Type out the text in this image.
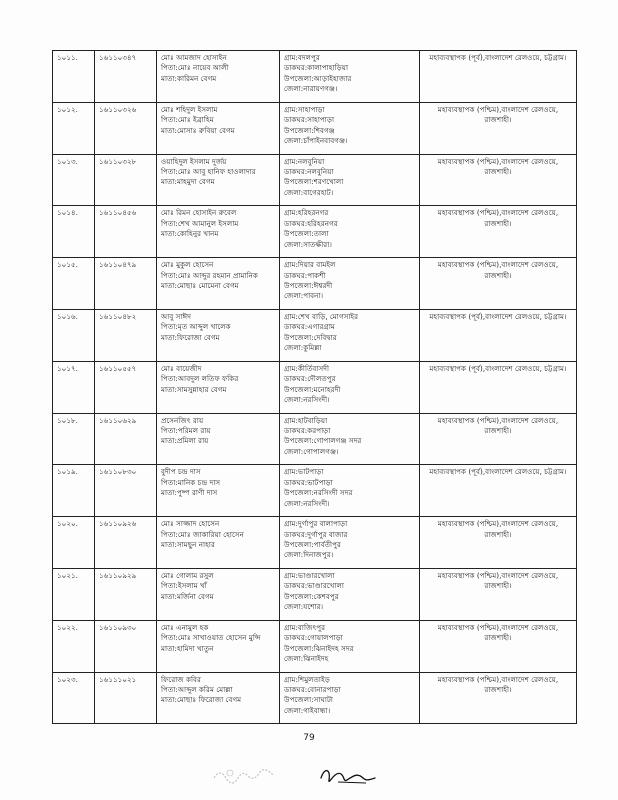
১০১১.	১৬১১০৩৪৭	মোঃ আমজাদ হোসাইন
পিতা:মোঃ নায়েব আলী
মাতা:কারিমন বেগম	গ্রাম:বদলপুর
ডাকঘর:কালাপাহাড়িয়া
উপজেলা:আড়াইহাজার
জেলা:নারায়ণগঞ্জ।	মহাব্যবস্থাপক (পূর্ব),বাংলাদেশ রেলওয়ে, চট্টগ্রাম।

১০১২.	১৬১১০৩২৬	মোঃ শহিদুল ইসলাম
পিতা:মোঃ ইব্রাহিম
মাতা:মোসাঃ রুবিয়া বেগম	গ্রাম:সাহাপাড়া
ডাকঘর:সাহাপাড়া
উপজেলা:শিবগঞ্জ
জেলা:চাঁপাইনবাবগঞ্জ।	মহাব্যবস্থাপক (পশ্চিম),বাংলাদেশ রেলওয়ে, রাজশাহী।

১০১৩.	১৬১১০৩২৮	ওয়াহিদুল ইসলাম দুর্জয়
পিতা:মোঃ আবু হানিফ হাওলাদার
মাতা:মাহমুদা বেগম	গ্রাম:নলবুনিয়া
ডাকঘর:নলবুনিয়া
উপজেলা:শরণখোলা
জেলা:বাগেরহাট।	মহাব্যবস্থাপক (পশ্চিম),বাংলাদেশ রেলওয়ে, রাজশাহী।

১০১৪.	১৬১১০৪৫৬	মোঃ রিমন হোসাইন রুবেল
পিতা:শেখ আমানুল ইসলাম
মাতা:কোহিনুর খানম	গ্রাম:হরিহরনগর
ডাকঘর:হরিহরনগর
উপজেলা:তালা
জেলা:সাতক্ষীরা।	মহাব্যবস্থাপক (পশ্চিম),বাংলাদেশ রেলওয়ে, রাজশাহী।

১০১৫.	১৬১১০৪৭৯	মোঃ মুকুল হোসেন
পিতা:মোঃ আব্দুর রহমান প্রামানিক
মাতা:মোছাঃ মোমেনা বেগম	গ্রাম:দিয়ার বামইল
ডাকঘর:পাকশী
উপজেলা:ঈশ্বরদী
জেলা:পাবনা।	মহাব্যবস্থাপক (পশ্চিম),বাংলাদেশ রেলওয়ে, রাজশাহী।

১০১৬.	১৬১১০৪৮২	আবু সাঈদ
পিতা:মৃত আব্দুল খালেক
মাতা:ফিরোজা বেগম	গ্রাম:শেখ বাড়ি, মোগসাইর
ডাকঘর:এগারগ্রাম
উপজেলা:দেবিদ্বার
জেলা:কুমিল্লা	মহাব্যবস্থাপক (পূর্ব),বাংলাদেশ রেলওয়ে, চট্টগ্রাম।

১০১৭.	১৬১১০৫৫৭	মোঃ বায়েজীদ
পিতা:আবদুল লতিফ ফকির
মাতা:সামসুন্নাহার বেগম	গ্রাম:কীর্তিবাসদী
ডাকঘর:দৌলতপুর
উপজেলা:মনোহরদী
জেলা:নরসিংদী।	মহাব্যবস্থাপক (পূর্ব),বাংলাদেশ রেলওয়ে, চট্টগ্রাম।

১০১৮.	১৬১১০৬২৯	প্রসেনজিৎ রায়
পিতা:পরিমল রায়
মাতা:প্রমিলা রায়	গ্রাম:হাটবাড়িয়া
ডাকঘর:করপাড়া
উপজেলা:গোপালগঞ্জ সদর
জেলা:গোপালগঞ্জ।	মহাব্যবস্থাপক (পশ্চিম),বাংলাদেশ রেলওয়ে, রাজশাহী।

১০১৯.	১৬১১০৮৩০	বুদীপ চন্দ্র দাস
পিতা:মানিক চন্দ্র দাস
মাতা:পুষ্প রাণী দাস	গ্রাম:ভাটপাড়া
ডাকঘর:ভাটপাড়া
উপজেলা:নরসিংদী সদর
জেলা:নরসিংদী।	মহাব্যবস্থাপক (পূর্ব),বাংলাদেশ রেলওয়ে, চট্টগ্রাম।

১০২০.	১৬১১০৯২৬	মোঃ সাজ্জাদ হোসেন
পিতা:মোঃ জাকারিয়া হোসেন
মাতা:সামছুন নাহার	গ্রাম:দুর্গাপুর বালাপাড়া
ডাকঘর:দুর্গাপুর বাজার
উপজেলা:পার্বতীপুর
জেলা:দিনাজপুর।	মহাব্যবস্থাপক (পশ্চিম),বাংলাদেশ রেলওয়ে, রাজশাহী।

১০২১.	১৬১১০৯২৯	মোঃ গোলাম রসুল
পিতা:ইসলাম খাঁ
মাতা:মর্জিনা বেগম	গ্রাম:ভাণ্ডারখোলা
ডাকঘর:ভাণ্ডারখোলা
উপজেলা:কেশবপুর
জেলা:যশোর।	মহাব্যবস্থাপক (পশ্চিম),বাংলাদেশ রেলওয়ে, রাজশাহী।

১০২২.	১৬১১০৯৩০	মোঃ এনামুল হক
পিতা:মোঃ সাখাওয়াত হোসেন মুন্সি
মাতা:হামিদা খাতুন	গ্রাম:বাজিৎপুর
ডাকঘর:গোয়ালপাড়া
উপজেলা:ঝিনাইদহ সদর
জেলা:ঝিনাইদহ	মহাব্যবস্থাপক (পশ্চিম),বাংলাদেশ রেলওয়ে, রাজশাহী।

১০২৩.	১৬১১১০২১	ফিরোজ কবির
পিতা:আব্দুল করিম মোল্লা
মাতা:মোছাঃ ফিরোজা বেগম	গ্রাম:শিমুলতাইড়
ডাকঘর:বোনারপাড়া
উপজেলা:সাঘাটা
জেলা:গাইবান্ধা।	মহাব্যবস্থাপক (পশ্চিম),বাংলাদেশ রেলওয়ে, রাজশাহী।
79
